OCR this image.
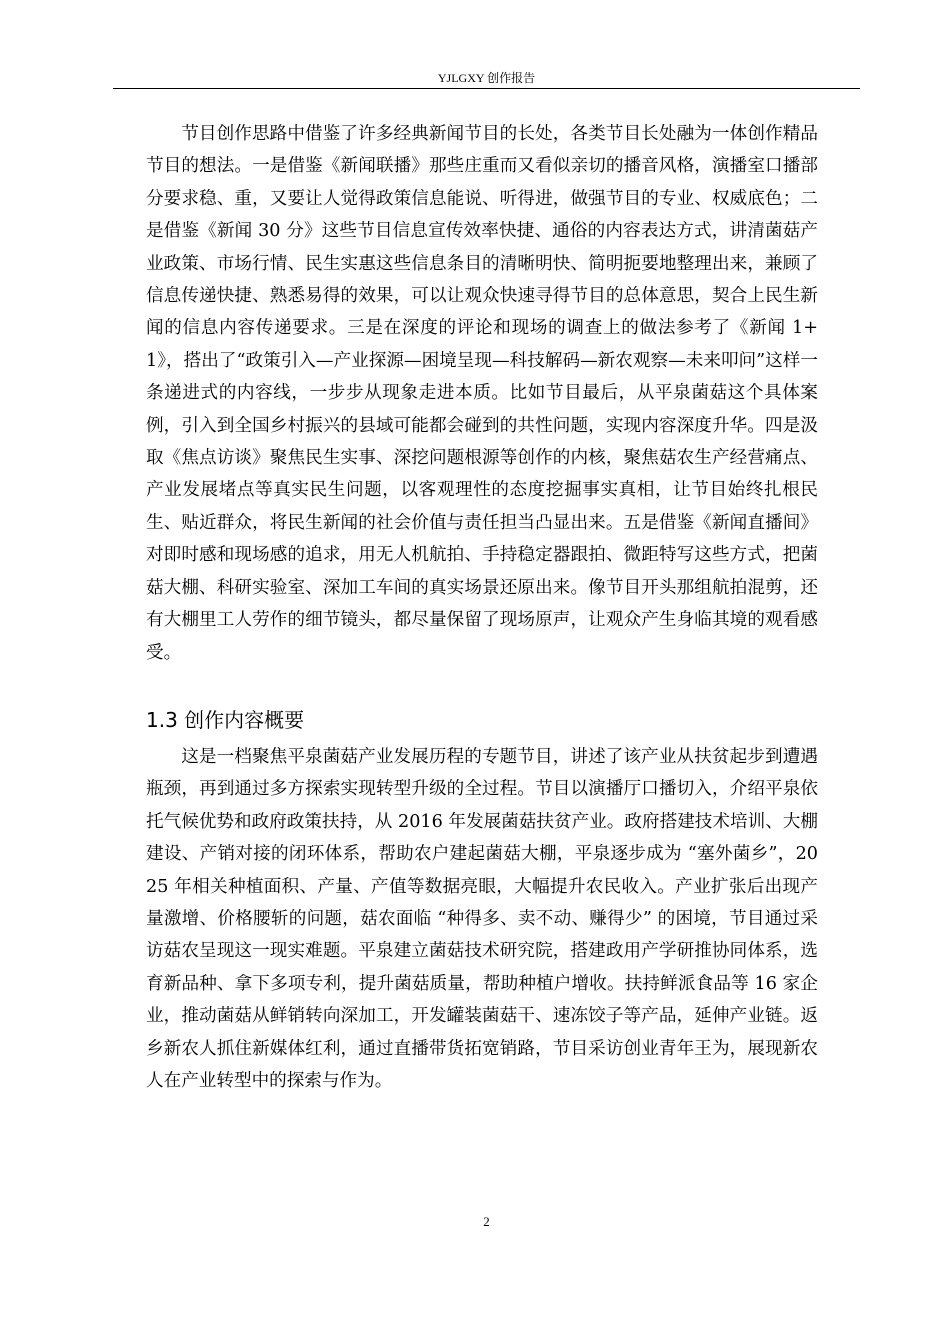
YJLGXY 创作报告

节目创作思路中借鉴了许多经典新闻节目的长处，各类节目长处融为一体创作精品节目的想法。一是借鉴《新闻联播》那些庄重而又看似亲切的播音风格，演播室口播部分要求稳、重，又要让人觉得政策信息能说、听得进，做强节目的专业、权威底色；二是借鉴《新闻 30 分》这些节目信息宣传效率快捷、通俗的内容表达方式，讲清菌菇产业政策、市场行情、民生实惠这些信息条目的清晰明快、简明扼要地整理出来，兼顾了信息传递快捷、熟悉易得的效果，可以让观众快速寻得节目的总体意思，契合上民生新闻的信息内容传递要求。三是在深度的评论和现场的调查上的做法参考了《新闻 1+1》，搭出了“政策引入—产业探源—困境呈现—科技解码—新农观察—未来叩问”这样一条递进式的内容线，一步步从现象走进本质。比如节目最后，从平泉菌菇这个具体案例，引入到全国乡村振兴的县域可能都会碰到的共性问题，实现内容深度升华。四是汲取《焦点访谈》聚焦民生实事、深挖问题根源等创作的内核，聚焦菇农生产经营痛点、产业发展堵点等真实民生问题，以客观理性的态度挖掘事实真相，让节目始终扎根民生、贴近群众，将民生新闻的社会价值与责任担当凸显出来。五是借鉴《新闻直播间》对即时感和现场感的追求，用无人机航拍、手持稳定器跟拍、微距特写这些方式，把菌菇大棚、科研实验室、深加工车间的真实场景还原出来。像节目开头那组航拍混剪，还有大棚里工人劳作的细节镜头，都尽量保留了现场原声，让观众产生身临其境的观看感受。

1.3 创作内容概要

这是一档聚焦平泉菌菇产业发展历程的专题节目，讲述了该产业从扶贫起步到遭遇瓶颈，再到通过多方探索实现转型升级的全过程。节目以演播厅口播切入，介绍平泉依托气候优势和政府政策扶持，从 2016 年发展菌菇扶贫产业。政府搭建技术培训、大棚建设、产销对接的闭环体系，帮助农户建起菌菇大棚，平泉逐步成为 “塞外菌乡”，2025 年相关种植面积、产量、产值等数据亮眼，大幅提升农民收入。产业扩张后出现产量激增、价格腰斩的问题，菇农面临 “种得多、卖不动、赚得少” 的困境，节目通过采访菇农呈现这一现实难题。平泉建立菌菇技术研究院，搭建政用产学研推协同体系，选育新品种、拿下多项专利，提升菌菇质量，帮助种植户增收。扶持鲜派食品等 16 家企业，推动菌菇从鲜销转向深加工，开发罐装菌菇干、速冻饺子等产品，延伸产业链。返乡新农人抓住新媒体红利，通过直播带货拓宽销路，节目采访创业青年王为，展现新农人在产业转型中的探索与作为。

2
